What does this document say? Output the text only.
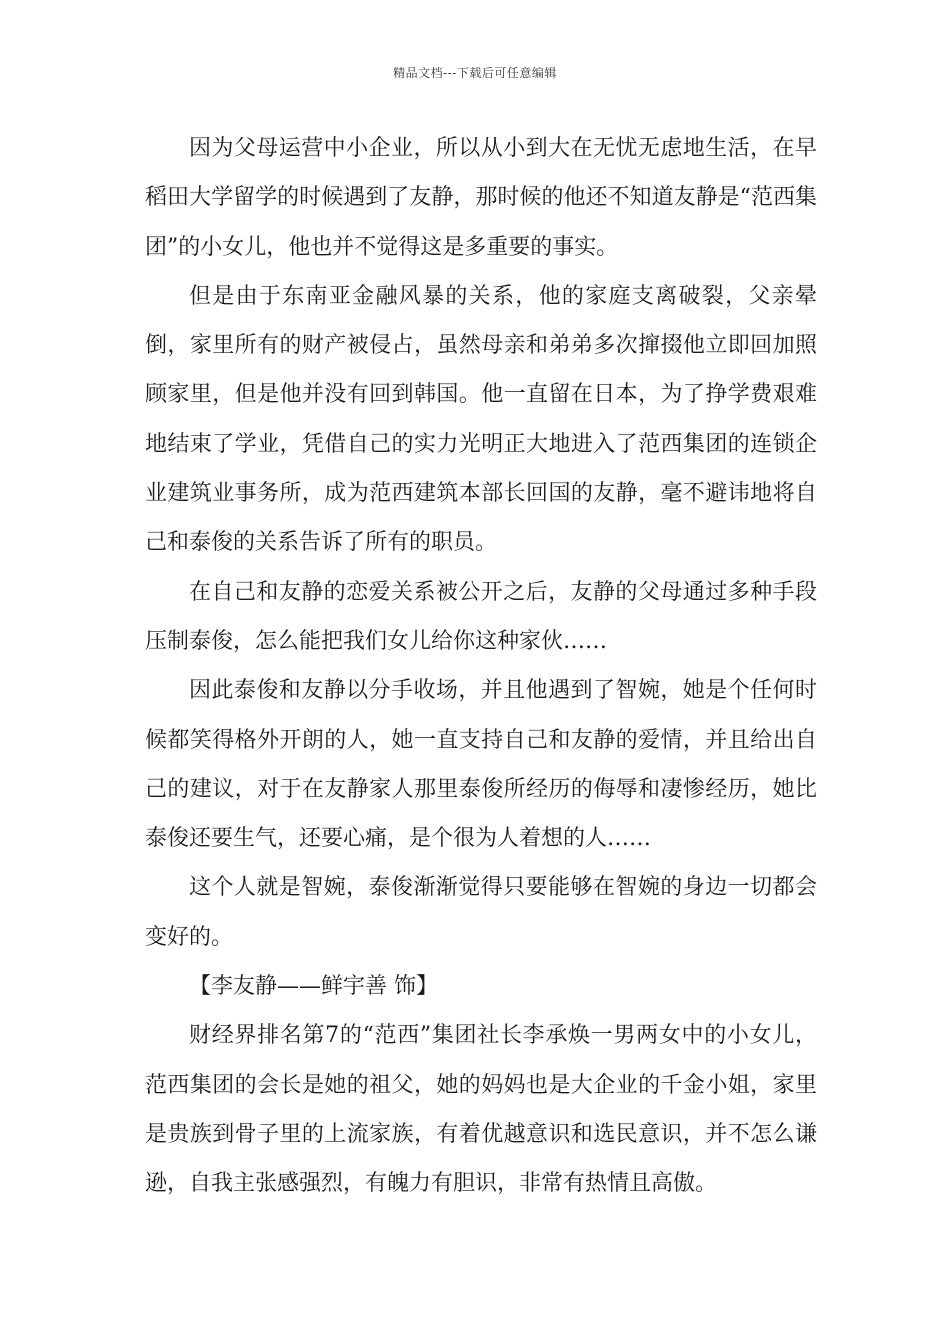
精品文档---下载后可任意编辑

因为父母运营中小企业，所以从小到大在无忧无虑地生活，在早稻田大学留学的时候遇到了友静，那时候的他还不知道友静是“范西集团”的小女儿，他也并不觉得这是多重要的事实。

但是由于东南亚金融风暴的关系，他的家庭支离破裂，父亲晕倒，家里所有的财产被侵占，虽然母亲和弟弟多次撺掇他立即回加照顾家里，但是他并没有回到韩国。他一直留在日本，为了挣学费艰难地结束了学业，凭借自己的实力光明正大地进入了范西集团的连锁企业建筑业事务所，成为范西建筑本部长回国的友静，毫不避讳地将自己和泰俊的关系告诉了所有的职员。

在自己和友静的恋爱关系被公开之后，友静的父母通过多种手段压制泰俊，怎么能把我们女儿给你这种家伙……

因此泰俊和友静以分手收场，并且他遇到了智婉，她是个任何时候都笑得格外开朗的人，她一直支持自己和友静的爱情，并且给出自己的建议，对于在友静家人那里泰俊所经历的侮辱和凄惨经历，她比泰俊还要生气，还要心痛，是个很为人着想的人……

这个人就是智婉，泰俊渐渐觉得只要能够在智婉的身边一切都会变好的。

【李友静——鲜宇善 饰】

财经界排名第7的“范西”集团社长李承焕一男两女中的小女儿，范西集团的会长是她的祖父，她的妈妈也是大企业的千金小姐，家里是贵族到骨子里的上流家族，有着优越意识和选民意识，并不怎么谦逊，自我主张感强烈，有魄力有胆识，非常有热情且高傲。
